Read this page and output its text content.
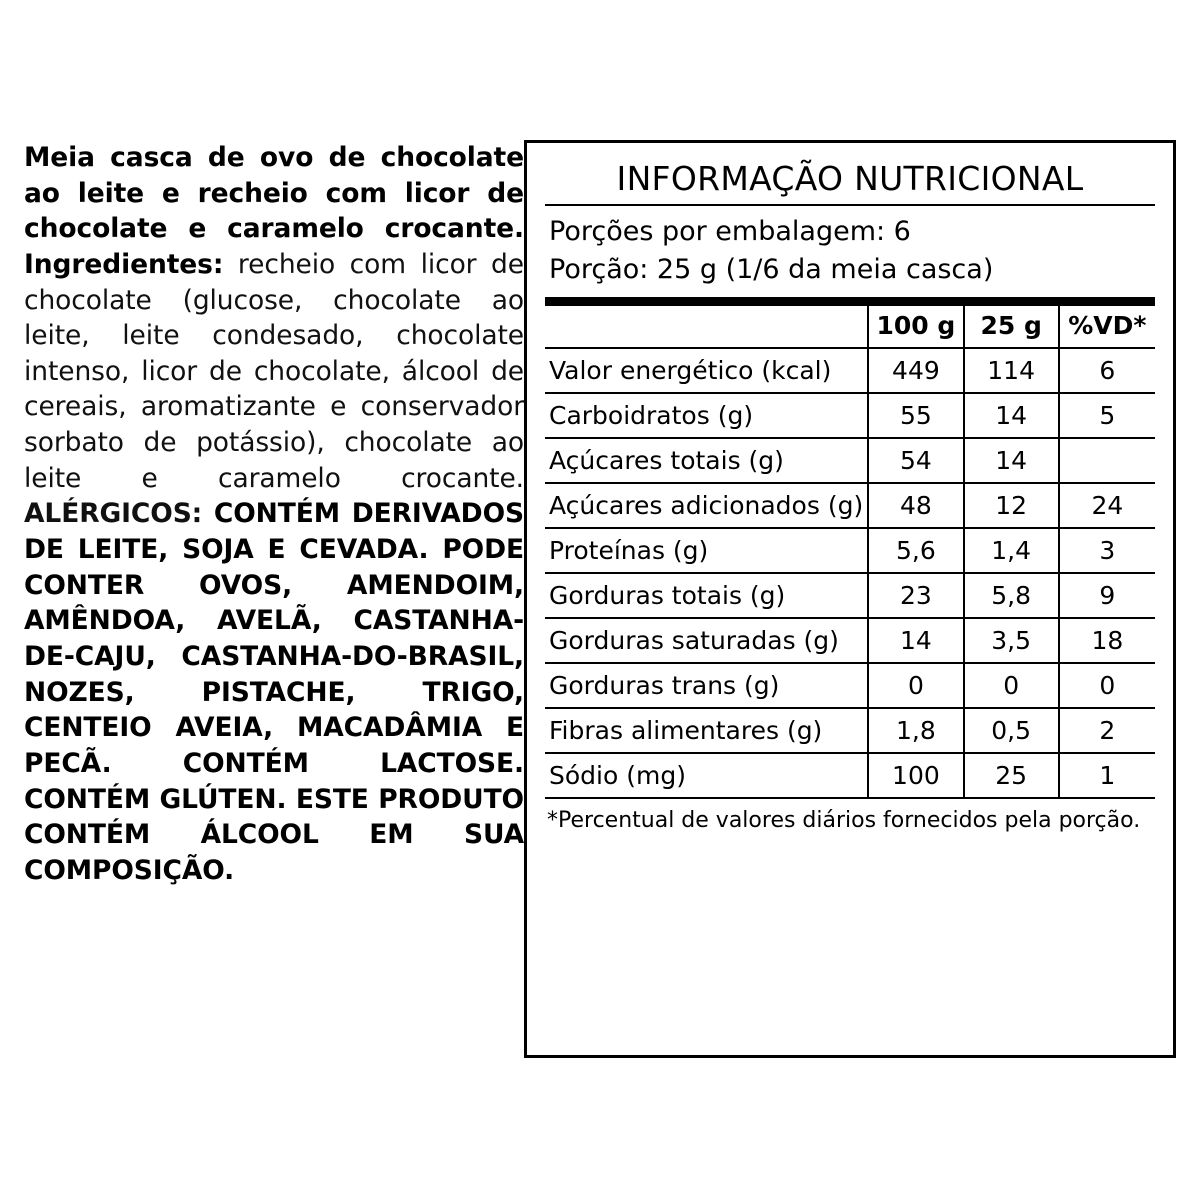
Meia casca de ovo de chocolate ao leite e recheio com licor de chocolate e caramelo crocante. Ingredientes: recheio com licor de chocolate (glucose, chocolate ao leite, leite condesado, chocolate intenso, licor de chocolate, álcool de cereais, aromatizante e conservador sorbato de potássio), chocolate ao leite e caramelo crocante. ALÉRGICOS: CONTÉM DERIVADOS DE LEITE, SOJA E CEVADA. PODE CONTER OVOS, AMENDOIM, AMÊNDOA, AVELÃ, CASTANHA-DE-CAJU, CASTANHA-DO-BRASIL, NOZES, PISTACHE, TRIGO, CENTEIO AVEIA, MACADÂMIA E PECÃ. CONTÉM LACTOSE. CONTÉM GLÚTEN. ESTE PRODUTO CONTÉM ÁLCOOL EM SUA COMPOSIÇÃO.
INFORMAÇÃO NUTRICIONAL
Porções por embalagem: 6
Porção: 25 g (1/6 da meia casca)
	100 g	25 g	%VD*
Valor energético (kcal)	449	114	6
Carboidratos (g)	55	14	5
Açúcares totais (g)	54	14	
Açúcares adicionados (g)	48	12	24
Proteínas (g)	5,6	1,4	3
Gorduras totais (g)	23	5,8	9
Gorduras saturadas (g)	14	3,5	18
Gorduras trans (g)	0	0	0
Fibras alimentares (g)	1,8	0,5	2
Sódio (mg)	100	25	1
*Percentual de valores diários fornecidos pela porção.
